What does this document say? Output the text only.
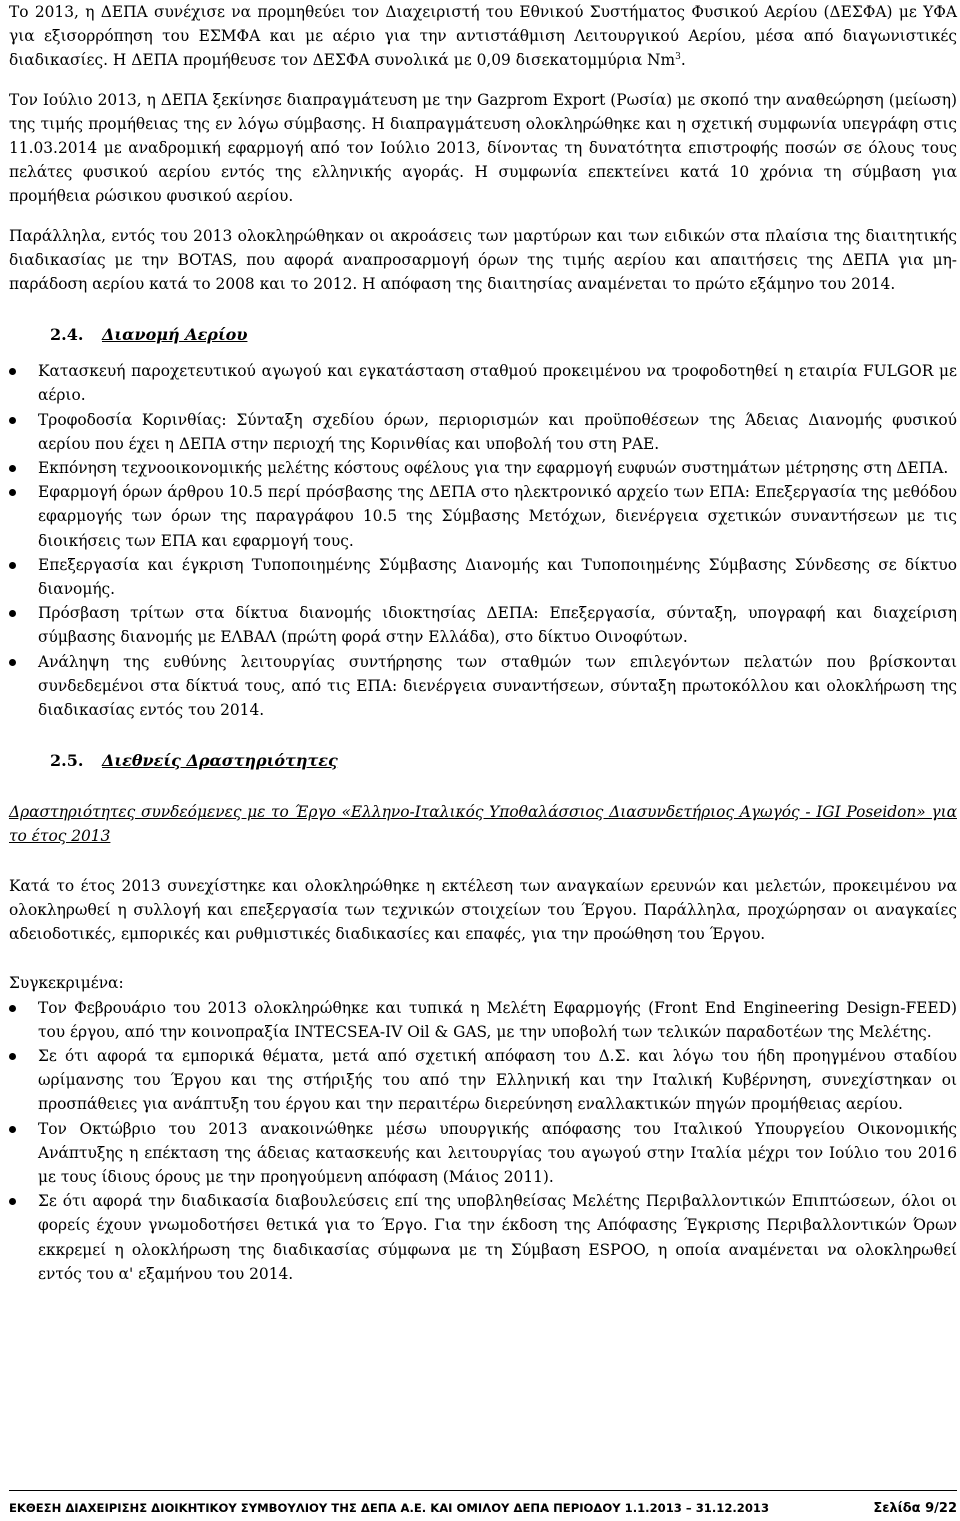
Το 2013, η ΔΕΠΑ συνέχισε να προμηθεύει τον Διαχειριστή του Εθνικού Συστήματος Φυσικού Αερίου (ΔΕΣΦΑ) με ΥΦΑ για εξισορρόπηση του ΕΣΜΦΑ και με αέριο για την αντιστάθμιση Λειτουργικού Αερίου, μέσα από διαγωνιστικές διαδικασίες. Η ΔΕΠΑ προμήθευσε τον ΔΕΣΦΑ συνολικά με 0,09 δισεκατομμύρια Nm$^3$.

Τον Ιούλιο 2013, η ΔΕΠΑ ξεκίνησε διαπραγμάτευση με την Gazprom Export (Ρωσία) με σκοπό την αναθεώρηση (μείωση) της τιμής προμήθειας της εν λόγω σύμβασης. Η διαπραγμάτευση ολοκληρώθηκε και η σχετική συμφωνία υπεγράφη στις 11.03.2014 με αναδρομική εφαρμογή από τον Ιούλιο 2013, δίνοντας τη δυνατότητα επιστροφής ποσών σε όλους τους πελάτες φυσικού αερίου εντός της ελληνικής αγοράς. Η συμφωνία επεκτείνει κατά 10 χρόνια τη σύμβαση για προμήθεια ρώσικου φυσικού αερίου.

Παράλληλα, εντός του 2013 ολοκληρώθηκαν οι ακροάσεις των μαρτύρων και των ειδικών στα πλαίσια της διαιτητικής διαδικασίας με την BOTAS, που αφορά αναπροσαρμογή όρων της τιμής αερίου και απαιτήσεις της ΔΕΠΑ για μη-παράδοση αερίου κατά το 2008 και το 2012. Η απόφαση της διαιτησίας αναμένεται το πρώτο εξάμηνο του 2014.

2.4. Διανομή Αερίου
Κατασκευή παροχετευτικού αγωγού και εγκατάσταση σταθμού προκειμένου να τροφοδοτηθεί η εταιρία FULGOR με αέριο.
Τροφοδοσία Κορινθίας: Σύνταξη σχεδίου όρων, περιορισμών και προϋποθέσεων της Άδειας Διανομής φυσικού αερίου που έχει η ΔΕΠΑ στην περιοχή της Κορινθίας και υποβολή του στη ΡΑΕ.
Εκπόνηση τεχνοοικονομικής μελέτης κόστους οφέλους για την εφαρμογή ευφυών συστημάτων μέτρησης στη ΔΕΠΑ.
Εφαρμογή όρων άρθρου 10.5 περί πρόσβασης της ΔΕΠΑ στο ηλεκτρονικό αρχείο των ΕΠΑ: Επεξεργασία της μεθόδου εφαρμογής των όρων της παραγράφου 10.5 της Σύμβασης Μετόχων, διενέργεια σχετικών συναντήσεων με τις διοικήσεις των ΕΠΑ και εφαρμογή τους.
Επεξεργασία και έγκριση Τυποποιημένης Σύμβασης Διανομής και Τυποποιημένης Σύμβασης Σύνδεσης σε δίκτυο διανομής.
Πρόσβαση τρίτων στα δίκτυα διανομής ιδιοκτησίας ΔΕΠΑ: Επεξεργασία, σύνταξη, υπογραφή και διαχείριση σύμβασης διανομής με ΕΛΒΑΛ (πρώτη φορά στην Ελλάδα), στο δίκτυο Οινοφύτων.
Ανάληψη της ευθύνης λειτουργίας συντήρησης των σταθμών των επιλεγόντων πελατών που βρίσκονται συνδεδεμένοι στα δίκτυά τους, από τις ΕΠΑ: διενέργεια συναντήσεων, σύνταξη πρωτοκόλλου και ολοκλήρωση της διαδικασίας εντός του 2014.
2.5. Διεθνείς Δραστηριότητες

Δραστηριότητες συνδεόμενες με το Έργο «Ελληνο-Ιταλικός Υποθαλάσσιος Διασυνδετήριος Αγωγός - IGI Poseidon» για το έτος 2013

Κατά το έτος 2013 συνεχίστηκε και ολοκληρώθηκε η εκτέλεση των αναγκαίων ερευνών και μελετών, προκειμένου να ολοκληρωθεί η συλλογή και επεξεργασία των τεχνικών στοιχείων του Έργου. Παράλληλα, προχώρησαν οι αναγκαίες αδειοδοτικές, εμπορικές και ρυθμιστικές διαδικασίες και επαφές, για την προώθηση του Έργου.

Συγκεκριμένα:

Τον Φεβρουάριο του 2013 ολοκληρώθηκε και τυπικά η Μελέτη Εφαρμογής (Front End Engineering Design-FEED) του έργου, από την κοινοπραξία INTECSEA-IV Oil & GAS, με την υποβολή των τελικών παραδοτέων της Μελέτης.
Σε ότι αφορά τα εμπορικά θέματα, μετά από σχετική απόφαση του Δ.Σ. και λόγω του ήδη προηγμένου σταδίου ωρίμανσης του Έργου και της στήριξής του από την Ελληνική και την Ιταλική Κυβέρνηση, συνεχίστηκαν οι προσπάθειες για ανάπτυξη του έργου και την περαιτέρω διερεύνηση εναλλακτικών πηγών προμήθειας αερίου.
Τον Οκτώβριο του 2013 ανακοινώθηκε μέσω υπουργικής απόφασης του Ιταλικού Υπουργείου Οικονομικής Ανάπτυξης η επέκταση της άδειας κατασκευής και λειτουργίας του αγωγού στην Ιταλία μέχρι τον Ιούλιο του 2016 με τους ίδιους όρους με την προηγούμενη απόφαση (Μάιος 2011).
Σε ότι αφορά την διαδικασία διαβουλεύσεις επί της υποβληθείσας Μελέτης Περιβαλλοντικών Επιπτώσεων, όλοι οι φορείς έχουν γνωμοδοτήσει θετικά για το Έργο. Για την έκδοση της Απόφασης Έγκρισης Περιβαλλοντικών Όρων εκκρεμεί η ολοκλήρωση της διαδικασίας σύμφωνα με τη Σύμβαση ESPOO, η οποία αναμένεται να ολοκληρωθεί εντός του α' εξαμήνου του 2014.
ΕΚΘΕΣΗ ΔΙΑΧΕΙΡΙΣΗΣ ΔΙΟΙΚΗΤΙΚΟΥ ΣΥΜΒΟΥΛΙΟΥ ΤΗΣ ΔΕΠΑ Α.Ε. ΚΑΙ ΟΜΙΛΟΥ ΔΕΠΑ ΠΕΡΙΟΔΟΥ 1.1.2013 – 31.12.2013	Σελίδα 9/22
